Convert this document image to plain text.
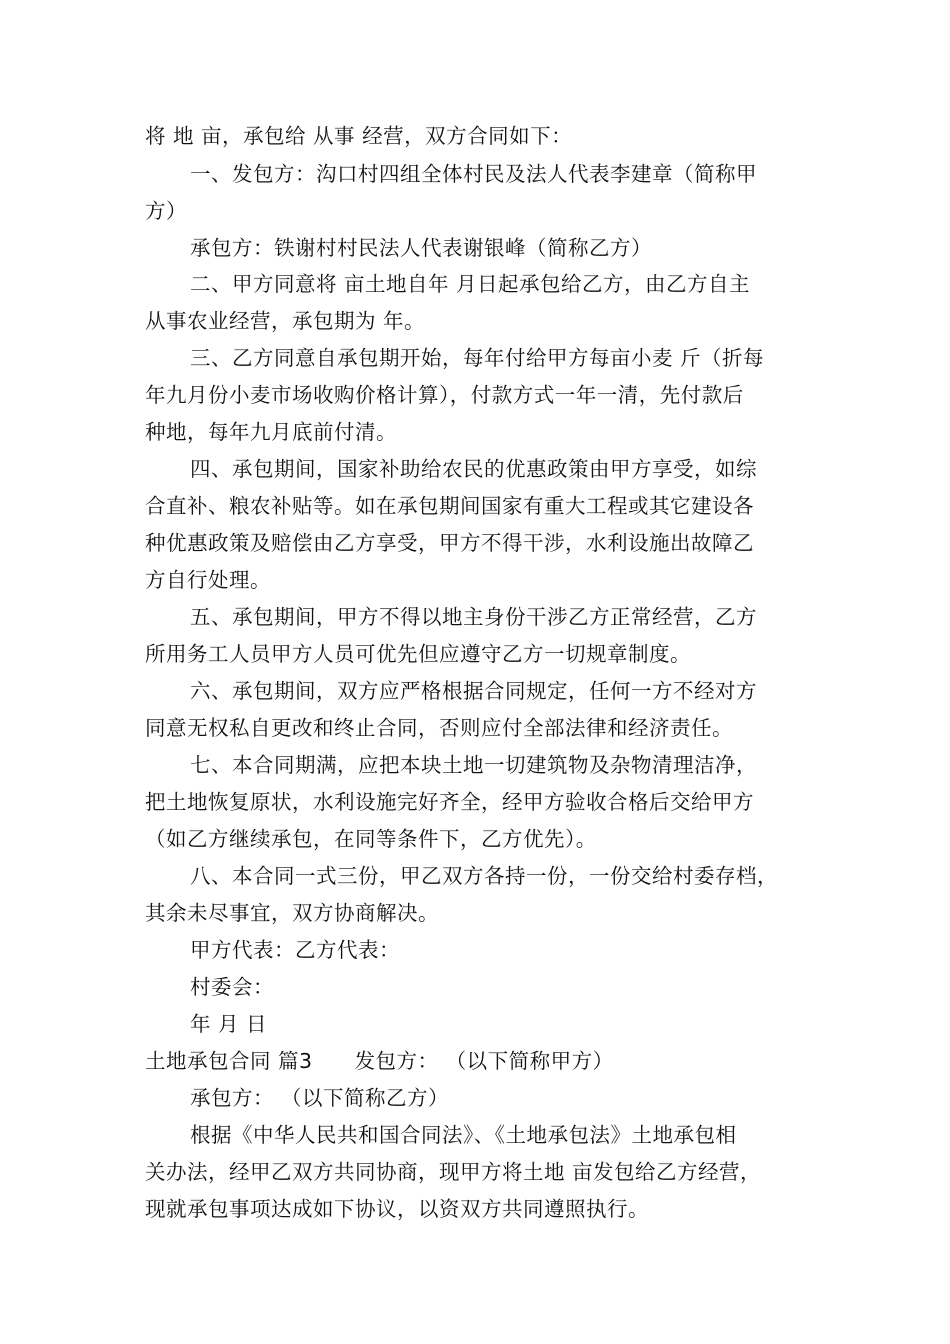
将 地 亩，承包给 从事 经营，双方合同如下：
一、发包方：沟口村四组全体村民及法人代表李建章（简称甲
方）
承包方：铁谢村村民法人代表谢银峰（简称乙方）
二、甲方同意将 亩土地自年 月日起承包给乙方，由乙方自主
从事农业经营，承包期为 年。
三、乙方同意自承包期开始，每年付给甲方每亩小麦 斤（折每
年九月份小麦市场收购价格计算），付款方式一年一清，先付款后
种地，每年九月底前付清。
四、承包期间，国家补助给农民的优惠政策由甲方享受，如综
合直补、粮农补贴等。如在承包期间国家有重大工程或其它建设各
种优惠政策及赔偿由乙方享受，甲方不得干涉，水利设施出故障乙
方自行处理。
五、承包期间，甲方不得以地主身份干涉乙方正常经营，乙方
所用务工人员甲方人员可优先但应遵守乙方一切规章制度。
六、承包期间，双方应严格根据合同规定，任何一方不经对方
同意无权私自更改和终止合同，否则应付全部法律和经济责任。
七、本合同期满，应把本块土地一切建筑物及杂物清理洁净，
把土地恢复原状，水利设施完好齐全，经甲方验收合格后交给甲方
（如乙方继续承包，在同等条件下，乙方优先）。
八、本合同一式三份，甲乙双方各持一份，一份交给村委存档，
其余未尽事宜，双方协商解决。
甲方代表：乙方代表：
村委会：
年 月 日
土地承包合同 篇3 发包方： （以下简称甲方）
承包方： （以下简称乙方）
根据《中华人民共和国合同法》、《土地承包法》土地承包相
关办法，经甲乙双方共同协商，现甲方将土地 亩发包给乙方经营，
现就承包事项达成如下协议，以资双方共同遵照执行。
